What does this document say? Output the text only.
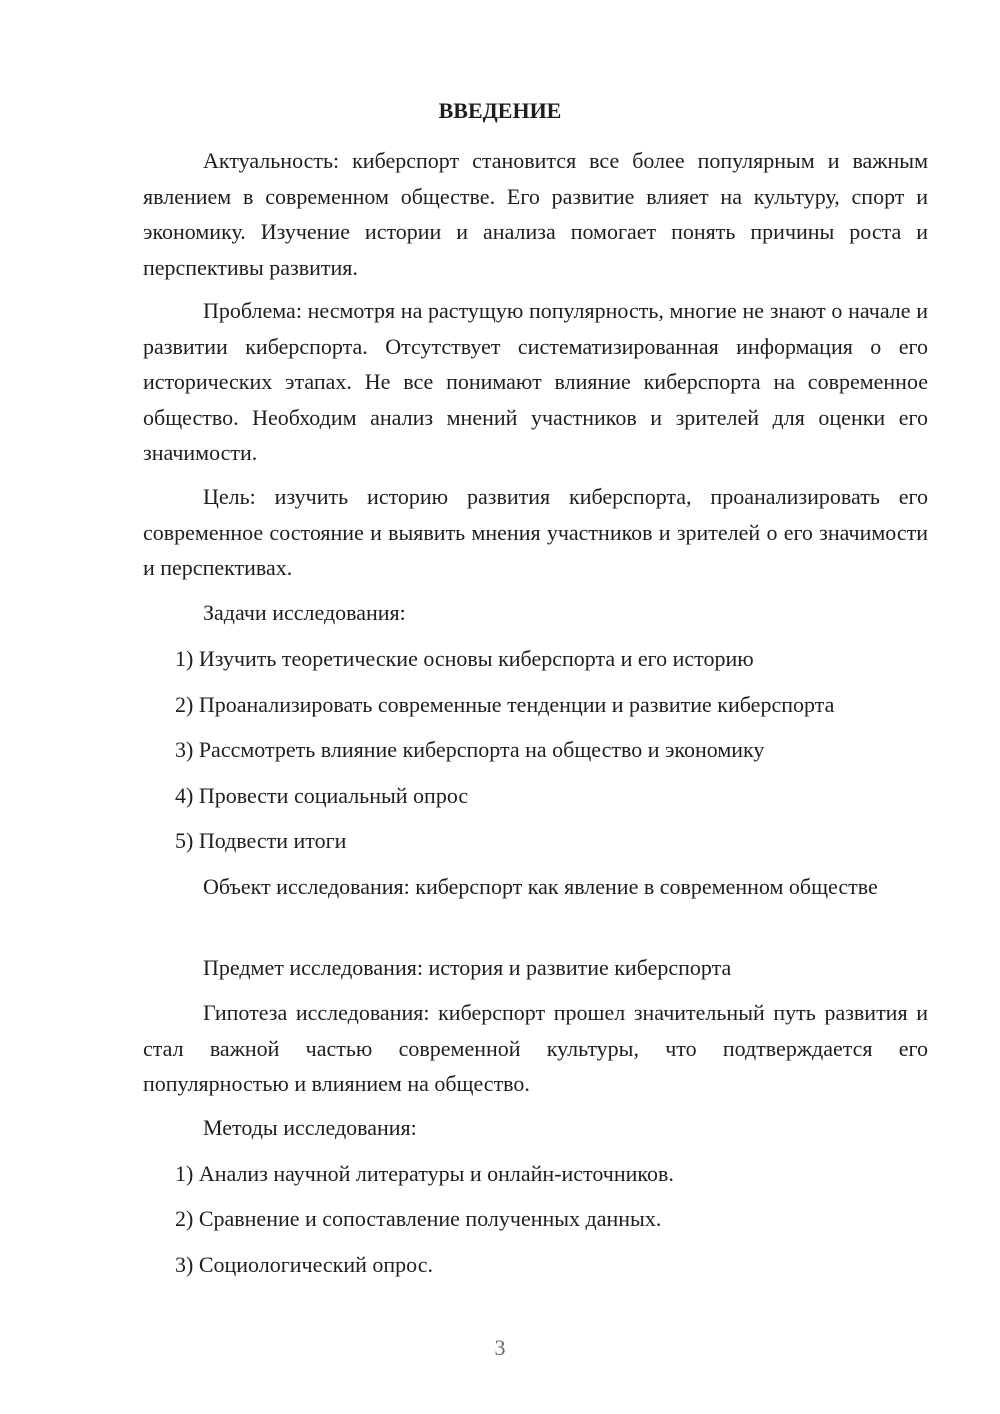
ВВЕДЕНИЕ

Актуальность: киберспорт становится все более популярным и важным явлением в современном обществе. Его развитие влияет на культуру, спорт и экономику. Изучение истории и анализа помогает понять причины роста и перспективы развития.

Проблема: несмотря на растущую популярность, многие не знают о начале и развитии киберспорта. Отсутствует систематизированная информация о его исторических этапах. Не все понимают влияние киберспорта на современное общество. Необходим анализ мнений участников и зрителей для оценки его значимости.

Цель: изучить историю развития киберспорта, проанализировать его современное состояние и выявить мнения участников и зрителей о его значимости и перспективах.

Задачи исследования:

1) Изучить теоретические основы киберспорта и его историю

2) Проанализировать современные тенденции и развитие киберспорта

3) Рассмотреть влияние киберспорта на общество и экономику

4) Провести социальный опрос

5) Подвести итоги

Объект исследования: киберспорт как явление в современном обществе

Предмет исследования: история и развитие киберспорта

Гипотеза исследования: киберспорт прошел значительный путь развития и стал важной частью современной культуры, что подтверждается его популярностью и влиянием на общество.

Методы исследования:

1) Анализ научной литературы и онлайн-источников.

2) Сравнение и сопоставление полученных данных.

3) Социологический опрос.

3
